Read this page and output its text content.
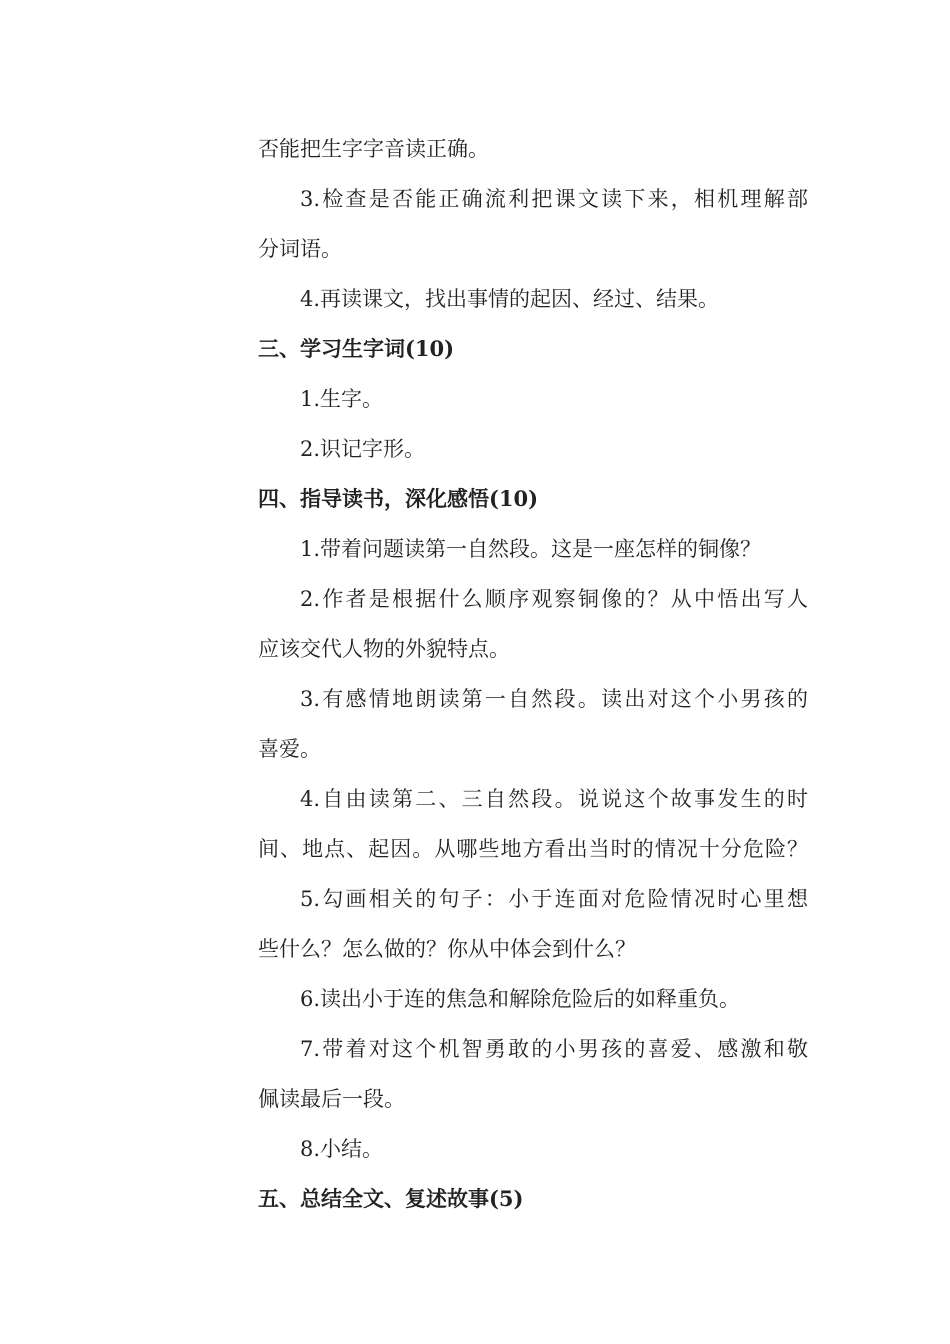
否能把生字字音读正确。
3.检查是否能正确流利把课文读下来，相机理解部
分词语。
4.再读课文，找出事情的起因、经过、结果。
三、学习生字词(10)
1.生字。
2.识记字形。
四、指导读书，深化感悟(10)
1.带着问题读第一自然段。这是一座怎样的铜像？
2.作者是根据什么顺序观察铜像的？从中悟出写人
应该交代人物的外貌特点。
3.有感情地朗读第一自然段。读出对这个小男孩的
喜爱。
4.自由读第二、三自然段。说说这个故事发生的时
间、地点、起因。从哪些地方看出当时的情况十分危险？
5.勾画相关的句子：小于连面对危险情况时心里想
些什么？怎么做的？你从中体会到什么？
6.读出小于连的焦急和解除危险后的如释重负。
7.带着对这个机智勇敢的小男孩的喜爱、感激和敬
佩读最后一段。
8.小结。
五、总结全文、复述故事(5)
